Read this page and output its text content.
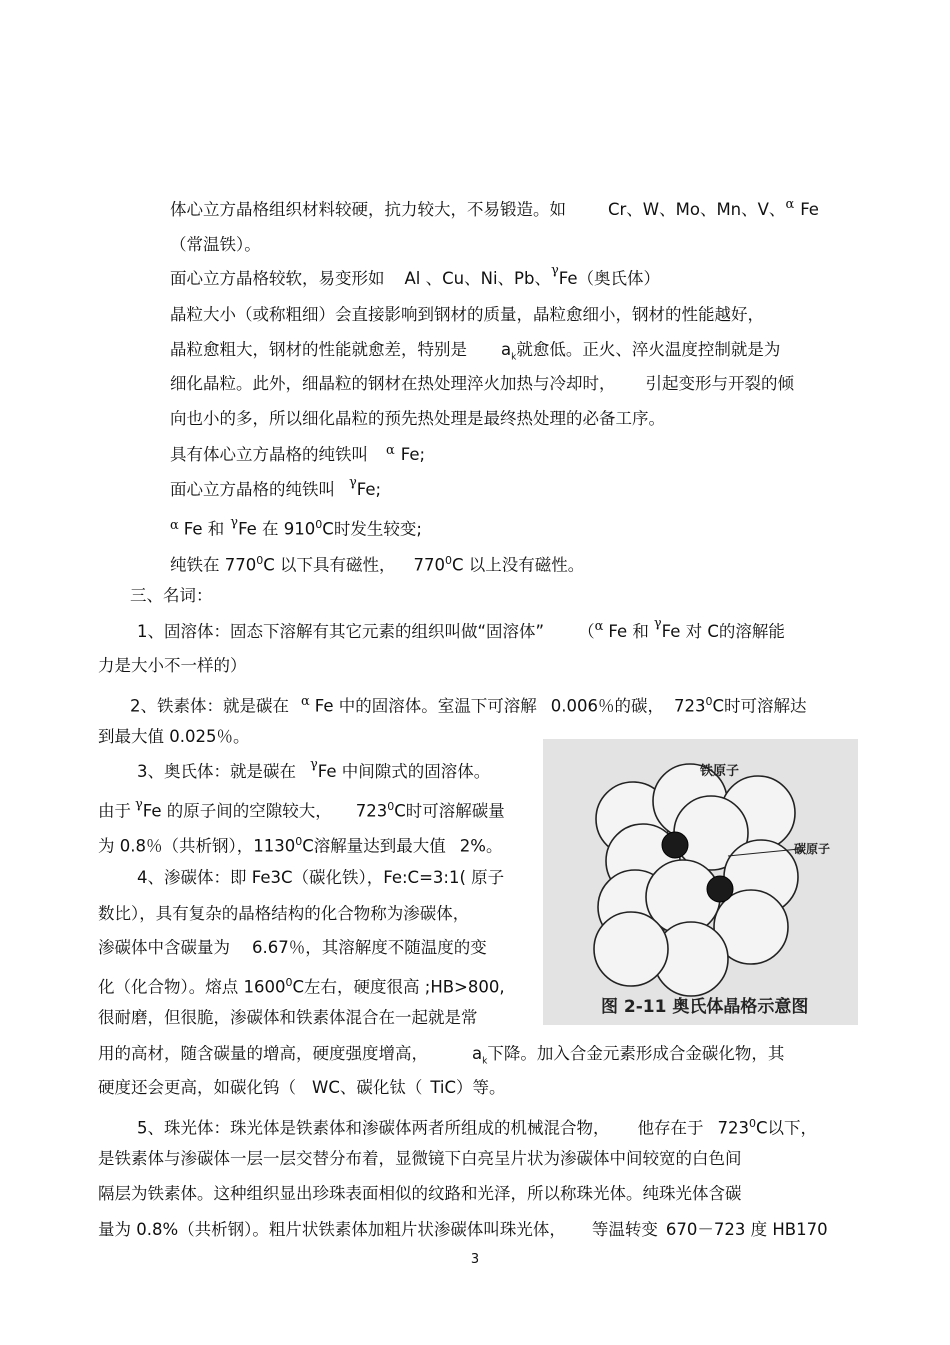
体心立方晶格组织材料较硬，抗力较大，不易锻造。如	Cr、W、Mo、Mn、V、$^\alpha$ Fe
（常温铁）。
面心立方晶格较软，易变形如 Al 、Cu、Ni、Pb、$^\gamma$Fe（奥氏体）
晶粒大小（或称粗细）会直接影响到钢材的质量，晶粒愈细小，钢材的性能越好，
晶粒愈粗大，钢材的性能就愈差，特别是 $a_k$就愈低。正火、淬火温度控制就是为
细化晶粒。此外，细晶粒的钢材在热处理淬火加热与冷却时， 引起变形与开裂的倾
向也小的多，所以细化晶粒的预先热处理是最终热处理的必备工序。
具有体心立方晶格的纯铁叫 $^\alpha$ Fe;
面心立方晶格的纯铁叫 $^\gamma$Fe;
$^\alpha$ Fe 和 $^\gamma$Fe 在 $910^0C$时发生较变;
纯铁在 $770^0C$ 以下具有磁性， $770^0C$ 以上没有磁性。
三、名词：
1、固溶体：固态下溶解有其它元素的组织叫做“固溶体” （$^\alpha$ Fe 和 $^\gamma$Fe 对 C的溶解能
力是大小不一样的）
2、铁素体：就是碳在 $^\alpha$ Fe 中的固溶体。室温下可溶解 0.006％的碳， $723^0C$时可溶解达
到最大值 0.025％。
3、奥氏体：就是碳在 $^\gamma$Fe 中间隙式的固溶体。
由于 $^\gamma$Fe 的原子间的空隙较大， $723^0C$时可溶解碳量
为 0.8％（共析钢），1130$^0$C溶解量达到最大值 2%。
4、渗碳体：即 Fe3C（碳化铁），Fe:C=3:1( 原子
数比），具有复杂的晶格结构的化合物称为渗碳体，
渗碳体中含碳量为 6.67％，其溶解度不随温度的变
化（化合物）。熔点 1600$^0$C左右，硬度很高 ;HB>800,
很耐磨，但很脆，渗碳体和铁素体混合在一起就是常
用的高材，随含碳量的增高，硬度强度增高，	$a_k$下降。加入合金元素形成合金碳化物，其
硬度还会更高，如碳化钨（ WC、碳化钛（ TiC）等。
5、珠光体：珠光体是铁素体和渗碳体两者所组成的机械混合物， 他存在于 $723^0C$以下，
是铁素体与渗碳体一层一层交替分布着，显微镜下白亮呈片状为渗碳体中间较宽的白色间
隔层为铁素体。这种组织显出珍珠表面相似的纹路和光泽，所以称珠光体。纯珠光体含碳
量为 0.8%（共析钢）。粗片状铁素体加粗片状渗碳体叫珠光体， 等温转变 670－723 度 HB170
铁原子
碳原子
图 2-11 奥氏体晶格示意图
3
